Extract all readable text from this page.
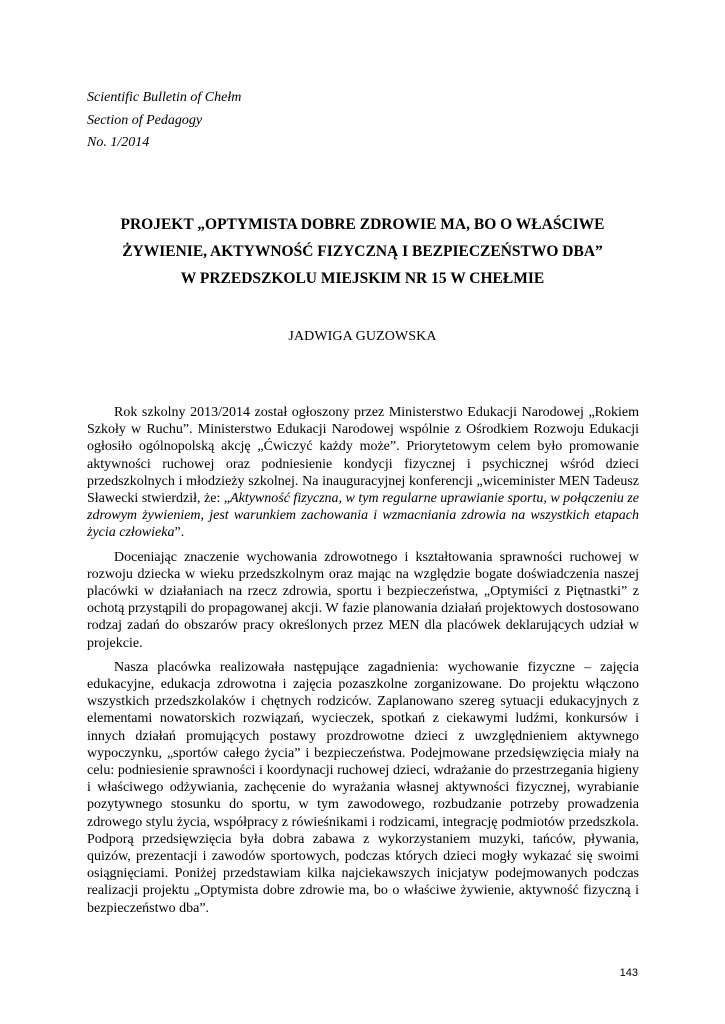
Scientific Bulletin of Chełm
Section of Pedagogy
No. 1/2014
PROJEKT „OPTYMISTA DOBRE ZDROWIE MA, BO O WŁAŚCIWE
ŻYWIENIE, AKTYWNOŚĆ FIZYCZNĄ I BEZPIECZEŃSTWO DBA”
W PRZEDSZKOLU MIEJSKIM NR 15 W CHEŁMIE
JADWIGA GUZOWSKA

Rok szkolny 2013/2014 został ogłoszony przez Ministerstwo Edukacji Narodowej „Rokiem Szkoły w Ruchu”. Ministerstwo Edukacji Narodowej wspólnie z Ośrodkiem Rozwoju Edukacji ogłosiło ogólnopolską akcję „Ćwiczyć każdy może”. Priorytetowym celem było promowanie aktywności ruchowej oraz podniesienie kondycji fizycznej i psychicznej wśród dzieci przedszkolnych i młodzieży szkolnej. Na inauguracyjnej konferencji „wiceminister MEN Tadeusz Sławecki stwierdził, że: „Aktywność fizyczna, w tym regularne uprawianie sportu, w połączeniu ze zdrowym żywieniem, jest warunkiem zachowania i wzmacniania zdrowia na wszystkich etapach życia człowieka”.

Doceniając znaczenie wychowania zdrowotnego i kształtowania sprawności ruchowej w rozwoju dziecka w wieku przedszkolnym oraz mając na względzie bogate doświadczenia naszej placówki w działaniach na rzecz zdrowia, sportu i bezpieczeństwa, „Optymiści z Piętnastki” z ochotą przystąpili do propagowanej akcji. W fazie planowania działań projektowych dostosowano rodzaj zadań do obszarów pracy określonych przez MEN dla placówek deklarujących udział w projekcie.

Nasza placówka realizowała następujące zagadnienia: wychowanie fizyczne – zajęcia edukacyjne, edukacja zdrowotna i zajęcia pozaszkolne zorganizowane. Do projektu włączono wszystkich przedszkolaków i chętnych rodziców. Zaplanowano szereg sytuacji edukacyjnych z elementami nowatorskich rozwiązań, wycieczek, spotkań z ciekawymi ludźmi, konkursów i innych działań promujących postawy prozdrowotne dzieci z uwzględnieniem aktywnego wypoczynku, „sportów całego życia” i bezpieczeństwa. Podejmowane przedsięwzięcia miały na celu: podniesienie sprawności i koordynacji ruchowej dzieci, wdrażanie do przestrzegania higieny i właściwego odżywiania, zachęcenie do wyrażania własnej aktywności fizycznej, wyrabianie pozytywnego stosunku do sportu, w tym zawodowego, rozbudzanie potrzeby prowadzenia zdrowego stylu życia, współpracy z rówieśnikami i rodzicami, integrację podmiotów przedszkola. Podporą przedsięwzięcia była dobra zabawa z wykorzystaniem muzyki, tańców, pływania, quizów, prezentacji i zawodów sportowych, podczas których dzieci mogły wykazać się swoimi osiągnięciami. Poniżej przedstawiam kilka najciekawszych inicjatyw podejmowanych podczas realizacji projektu „Optymista dobre zdrowie ma, bo o właściwe żywienie, aktywność fizyczną i bezpieczeństwo dba”.

143
